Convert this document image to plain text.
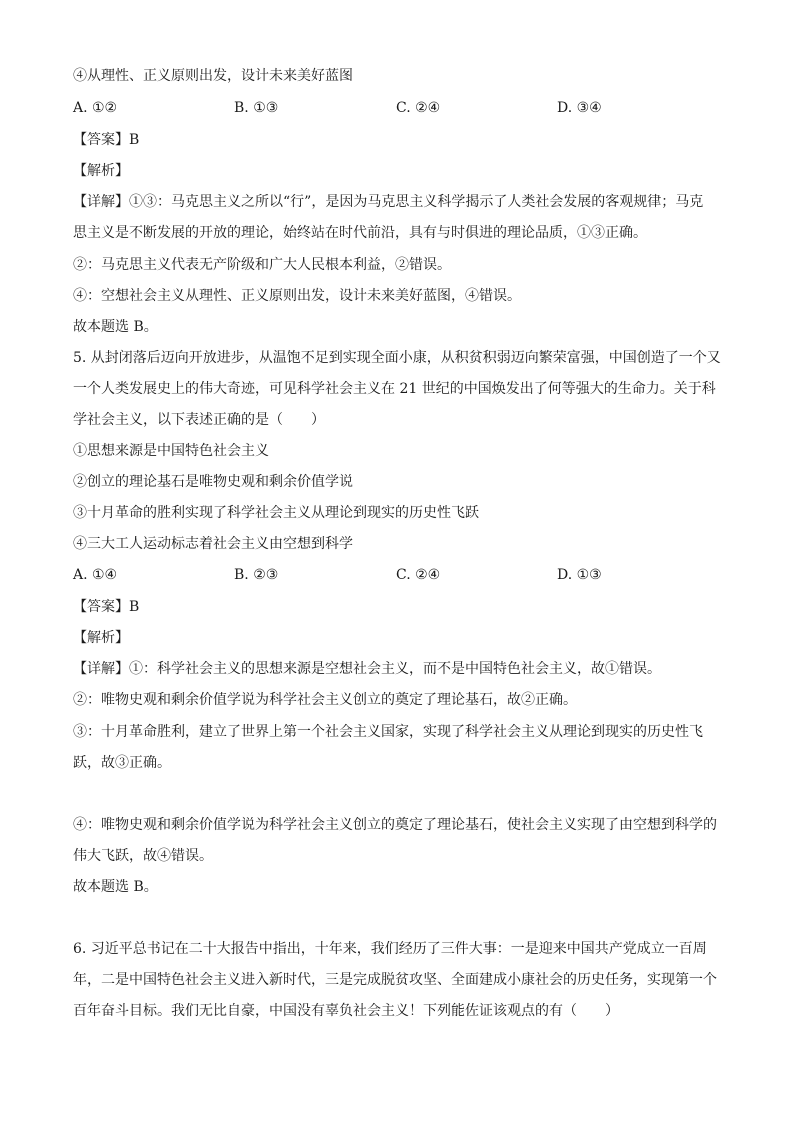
④从理性、正义原则出发，设计未来美好蓝图
A. ①②	B. ①③	C. ②④	D. ③④
【答案】B
【解析】
【详解】①③：马克思主义之所以“行”，是因为马克思主义科学揭示了人类社会发展的客观规律；马克
思主义是不断发展的开放的理论，始终站在时代前沿，具有与时俱进的理论品质，①③正确。
②：马克思主义代表无产阶级和广大人民根本利益，②错误。
④：空想社会主义从理性、正义原则出发，设计未来美好蓝图，④错误。
故本题选 B。
5. 从封闭落后迈向开放进步，从温饱不足到实现全面小康，从积贫积弱迈向繁荣富强，中国创造了一个又
一个人类发展史上的伟大奇迹，可见科学社会主义在 21 世纪的中国焕发出了何等强大的生命力。关于科
学社会主义，以下表述正确的是（　　）
①思想来源是中国特色社会主义
②创立的理论基石是唯物史观和剩余价值学说
③十月革命的胜利实现了科学社会主义从理论到现实的历史性飞跃
④三大工人运动标志着社会主义由空想到科学
A. ①④	B. ②③	C. ②④	D. ①③
【答案】B
【解析】
【详解】①：科学社会主义的思想来源是空想社会主义，而不是中国特色社会主义，故①错误。
②：唯物史观和剩余价值学说为科学社会主义创立的奠定了理论基石，故②正确。
③：十月革命胜利，建立了世界上第一个社会主义国家，实现了科学社会主义从理论到现实的历史性飞
跃，故③正确。
④：唯物史观和剩余价值学说为科学社会主义创立的奠定了理论基石，使社会主义实现了由空想到科学的
伟大飞跃，故④错误。
故本题选 B。
6. 习近平总书记在二十大报告中指出，十年来，我们经历了三件大事：一是迎来中国共产党成立一百周
年，二是中国特色社会主义进入新时代，三是完成脱贫攻坚、全面建成小康社会的历史任务，实现第一个
百年奋斗目标。我们无比自豪，中国没有辜负社会主义！下列能佐证该观点的有（　　）
